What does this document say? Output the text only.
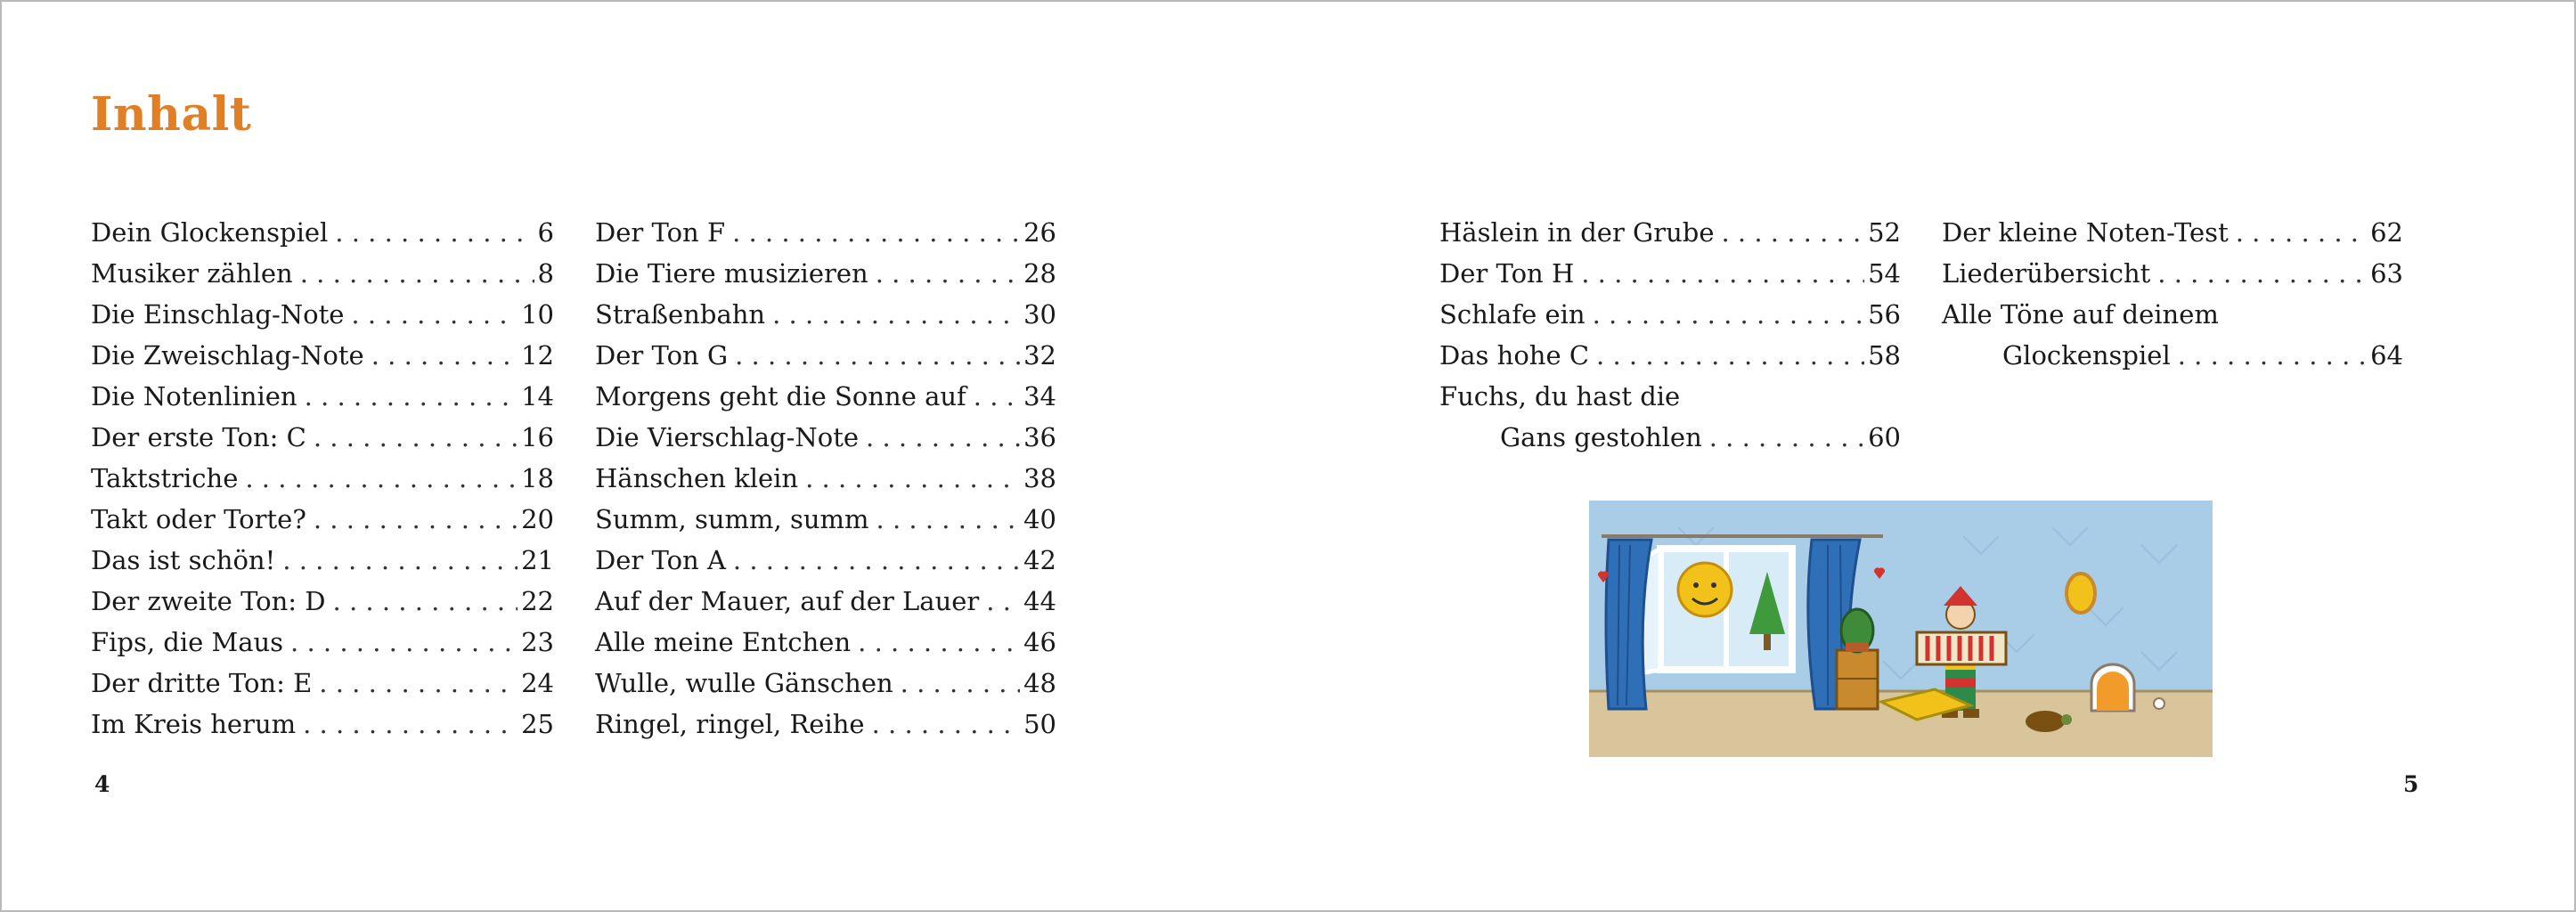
Inhalt
Dein Glockenspiel . . .	6
Musiker zählen . . .	8
Die Einschlag-Note . . .	10
Die Zweischlag-Note . . .	12
Die Notenlinien . . .	14
Der erste Ton: C . . .	16
Taktstriche . . .	18
Takt oder Torte? . . .	20
Das ist schön! . . .	21
Der zweite Ton: D . . .	22
Fips, die Maus . . .	23
Der dritte Ton: E . . .	24
Im Kreis herum . . .	25
Der Ton F . . .	26
Die Tiere musizieren . . .	28
Straßenbahn . . .	30
Der Ton G . . .	32
Morgens geht die Sonne auf . . . 34
Die Vierschlag-Note . . .	36
Hänschen klein . . .	38
Summ, summ, summ . . .	40
Der Ton A . . .	42
Auf der Mauer, auf der Lauer . . . 44
Alle meine Entchen . . .	46
Wulle, wulle Gänschen . . .	48
Ringel, ringel, Reihe . . .	50
Häslein in der Grube . . .	52
Der Ton H . . .	54
Schlafe ein . . .	56
Das hohe C . . .	58
Fuchs, du hast die
Gans gestohlen . . .	60
Der kleine Noten-Test . . .	62
Liederübersicht . . .	63
Alle Töne auf deinem
Glockenspiel . . .	64
4	5
